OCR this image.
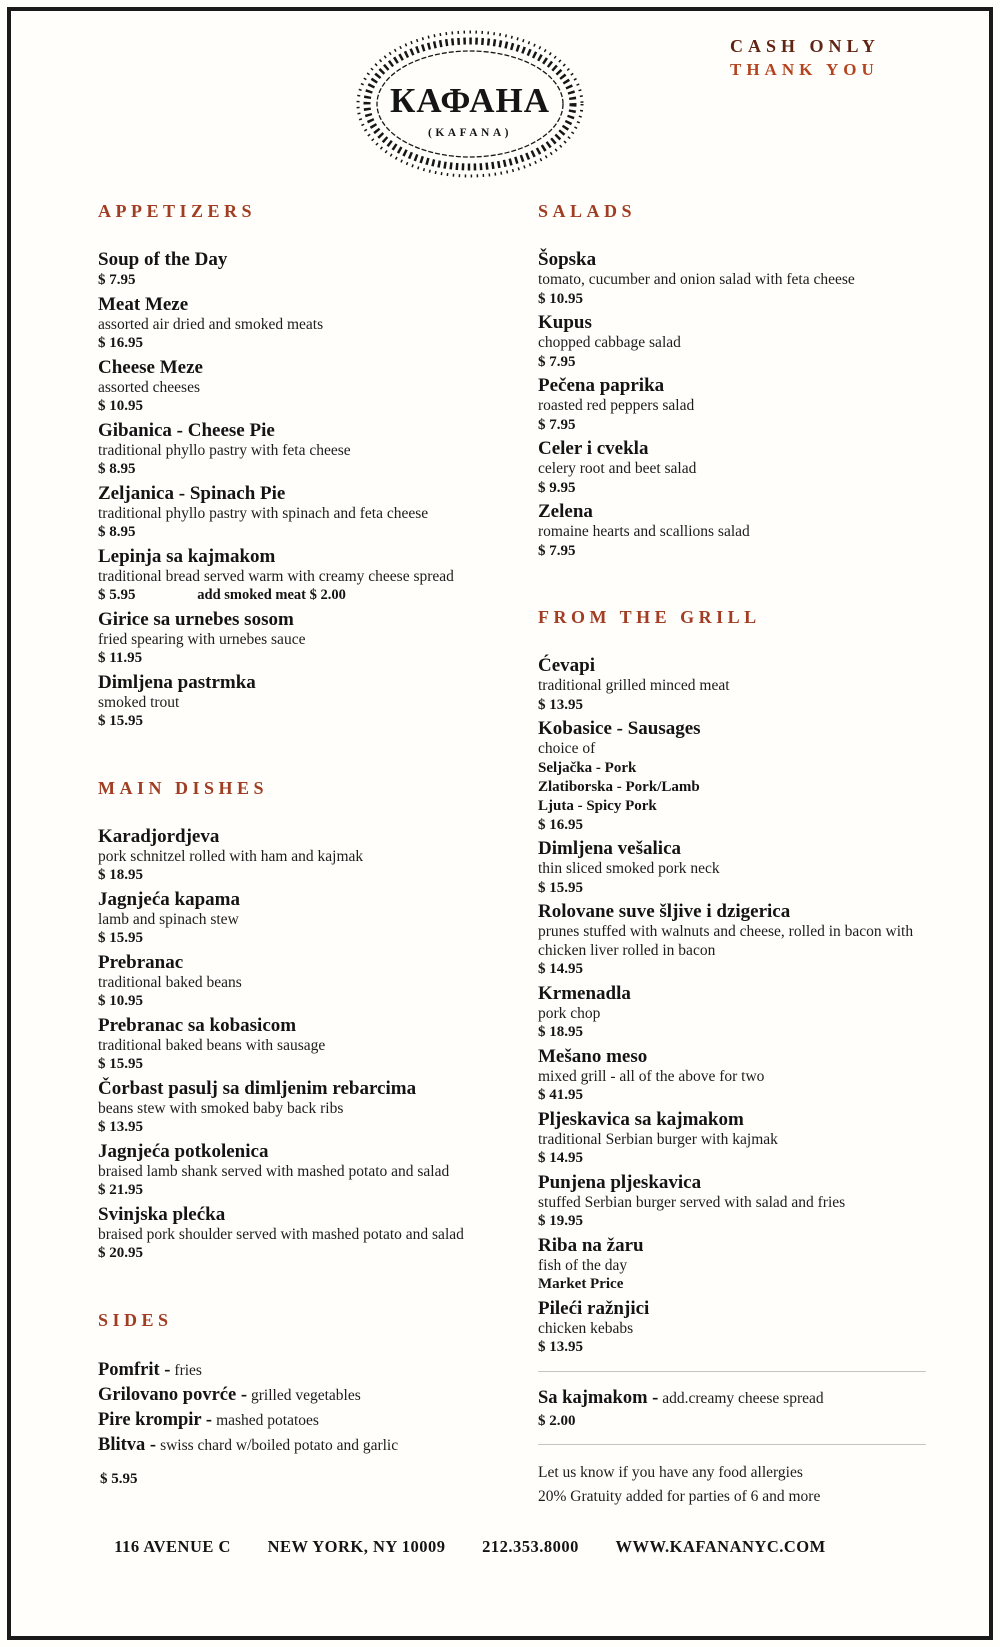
CASH ONLY
THANK YOU
КАФАНА
(KAFANA)
APPETIZERS
Soup of the Day
$ 7.95
Meat Meze
assorted air dried and smoked meats
$ 16.95
Cheese Meze
assorted cheeses
$ 10.95
Gibanica - Cheese Pie
traditional phyllo pastry with feta cheese
$ 8.95
Zeljanica - Spinach Pie
traditional phyllo pastry with spinach and feta cheese
$ 8.95
Lepinja sa kajmakom
traditional bread served warm with creamy cheese spread
$ 5.95	add smoked meat $ 2.00
Girice sa urnebes sosom
fried spearing with urnebes sauce
$ 11.95
Dimljena pastrmka
smoked trout
$ 15.95
MAIN DISHES
Karadjordjeva
pork schnitzel rolled with ham and kajmak
$ 18.95
Jagnjeća kapama
lamb and spinach stew
$ 15.95
Prebranac
traditional baked beans
$ 10.95
Prebranac sa kobasicom
traditional baked beans with sausage
$ 15.95
Čorbast pasulj sa dimljenim rebarcima
beans stew with smoked baby back ribs
$ 13.95
Jagnjeća potkolenica
braised lamb shank served with mashed potato and salad
$ 21.95
Svinjska plećka
braised pork shoulder served with mashed potato and salad
$ 20.95
SIDES
Pomfrit - fries
Grilovano povrće - grilled vegetables
Pire krompir - mashed potatoes
Blitva - swiss chard w/boiled potato and garlic
$ 5.95
SALADS
Šopska
tomato, cucumber and onion salad with feta cheese
$ 10.95
Kupus
chopped cabbage salad
$ 7.95
Pečena paprika
roasted red peppers salad
$ 7.95
Celer i cvekla
celery root and beet salad
$ 9.95
Zelena
romaine hearts and scallions salad
$ 7.95
FROM THE GRILL
Ćevapi
traditional grilled minced meat
$ 13.95
Kobasice - Sausages
choice of
Seljačka - Pork
Zlatiborska - Pork/Lamb
Ljuta - Spicy Pork
$ 16.95
Dimljena vešalica
thin sliced smoked pork neck
$ 15.95
Rolovane suve šljive i dzigerica
prunes stuffed with walnuts and cheese, rolled in bacon with chicken liver rolled in bacon
$ 14.95
Krmenadla
pork chop
$ 18.95
Mešano meso
mixed grill - all of the above for two
$ 41.95
Pljeskavica sa kajmakom
traditional Serbian burger with kajmak
$ 14.95
Punjena pljeskavica
stuffed Serbian burger served with salad and fries
$ 19.95
Riba na žaru
fish of the day
Market Price
Pileći ražnjici
chicken kebabs
$ 13.95
Sa kajmakom - add.creamy cheese spread
$ 2.00
Let us know if you have any food allergies
20% Gratuity added for parties of 6 and more
116 AVENUE C NEW YORK, NY 10009 212.353.8000 WWW.KAFANANYC.COM
